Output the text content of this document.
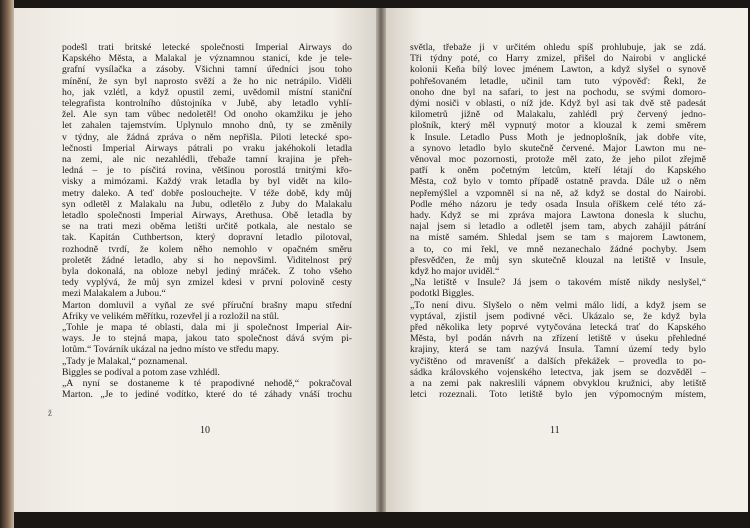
podešl trati britské letecké společnosti Imperial Airways do
Kapského Města, a Malakal je významnou stanicí, kde je tele-
grafní vysílačka a zásoby. Všichni tamní úředníci jsou toho
mínění, že syn byl naprosto svěží a že ho nic netrápilo. Viděli
ho, jak vzlétl, a když opustil zemi, uvědomil místní staniční
telegrafista kontrolního důstojníka v Jubě, aby letadlo vyhlí-
žel. Ale syn tam vůbec nedoletěl! Od onoho okamžiku je jeho
let zahalen tajemstvím. Uplynulo mnoho dnů, ty se změnily
v týdny, ale žádná zpráva o něm nepřišla. Piloti letecké spo-
lečnosti Imperial Airways pátrali po vraku jakéhokoli letadla
na zemi, ale nic nezahlédli, třebaže tamní krajina je přeh-
ledná – je to písčitá rovina, většinou porostlá trnitými křo-
visky a mimózami. Každý vrak letadla by byl vidět na kilo-
metry daleko. A teď dobře poslouchejte. V téže době, kdy můj
syn odletěl z Malakalu na Jubu, odletělo z Juby do Malakalu
letadlo společnosti Imperial Airways, Arethusa. Obě letadla by
se na trati mezi oběma letišti určitě potkala, ale nestalo se
tak. Kapitán Cuthbertson, který dopravní letadlo pilotoval,
rozhodně tvrdí, že kolem něho nemohlo v opačném směru
proletět žádné letadlo, aby si ho nepovšiml. Viditelnost prý
byla dokonalá, na obloze nebyl jediný mráček. Z toho všeho
tedy vyplývá, že můj syn zmizel kdesi v první polovině cesty
mezi Malakalem a Jubou.“
Marton domluvil a vyňal ze své příruční brašny mapu střední
Afriky ve velikém měřítku, rozevřel ji a rozložil na stůl.
„Tohle je mapa té oblasti, dala mi ji společnost Imperial Air-
ways. Je to stejná mapa, jakou tato společnost dává svým pi-
lotům.“ Továrník ukázal na jedno místo ve středu mapy.
„Tady je Malakal,“ poznamenal.
Biggles se podíval a potom zase vzhlédl.
„A nyní se dostaneme k té prapodivné nehodě,“ pokračoval
Marton. „Je to jediné vodítko, které do té záhady vnáší trochu
ž
10
světla, třebaže ji v určitém ohledu spíš prohlubuje, jak se zdá.
Tři týdny poté, co Harry zmizel, přišel do Nairobi v anglické
kolonii Keňa bílý lovec jménem Lawton, a když slyšel o synově
pohřešovaném letadle, učinil tam tuto výpověď: Řekl, že
onoho dne byl na safari, to jest na pochodu, se svými domoro-
dými nosiči v oblasti, o níž jde. Když byl asi tak dvě stě padesát
kilometrů jižně od Malakalu, zahlédl prý červený jedno-
plošník, který měl vypnutý motor a klouzal k zemi směrem
k Insule. Letadlo Puss Moth je jednoplošník, jak dobře víte,
a synovo letadlo bylo skutečně červené. Major Lawton mu ne-
věnoval moc pozornosti, protože měl zato, že jeho pilot zřejmě
patří k oněm početným letcům, kteří létají do Kapského
Města, což bylo v tomto případě ostatně pravda. Dále už o něm
nepřemýšlel a vzpomněl si na ně, až když se dostal do Nairobi.
Podle mého názoru je tedy osada Insula oříškem celé této zá-
hady. Když se mi zpráva majora Lawtona donesla k sluchu,
najal jsem si letadlo a odletěl jsem tam, abych zahájil pátrání
na místě samém. Shledal jsem se tam s majorem Lawtonem,
a to, co mi řekl, ve mně nezanechalo žádné pochyby. Jsem
přesvědčen, že můj syn skutečně klouzal na letiště v Insule,
když ho major uviděl.“
„Na letiště v Insule? Já jsem o takovém místě nikdy neslyšel,“
podotkl Biggles.
„To není divu. Slyšelo o něm velmi málo lidí, a když jsem se
vyptával, zjistil jsem podivné věci. Ukázalo se, že když byla
před několika lety poprvé vytyčována letecká trať do Kapského
Města, byl podán návrh na zřízení letiště v úseku přehledné
krajiny, která se tam nazývá Insula. Tamní území tedy bylo
vyčištěno od mraveníšť a dalších překážek – provedla to po-
sádka královského vojenského letectva, jak jsem se dozvěděl –
a na zemi pak nakreslili vápnem obvyklou kružnici, aby letiště
letci rozeznali. Toto letiště bylo jen výpomocným místem,
11
